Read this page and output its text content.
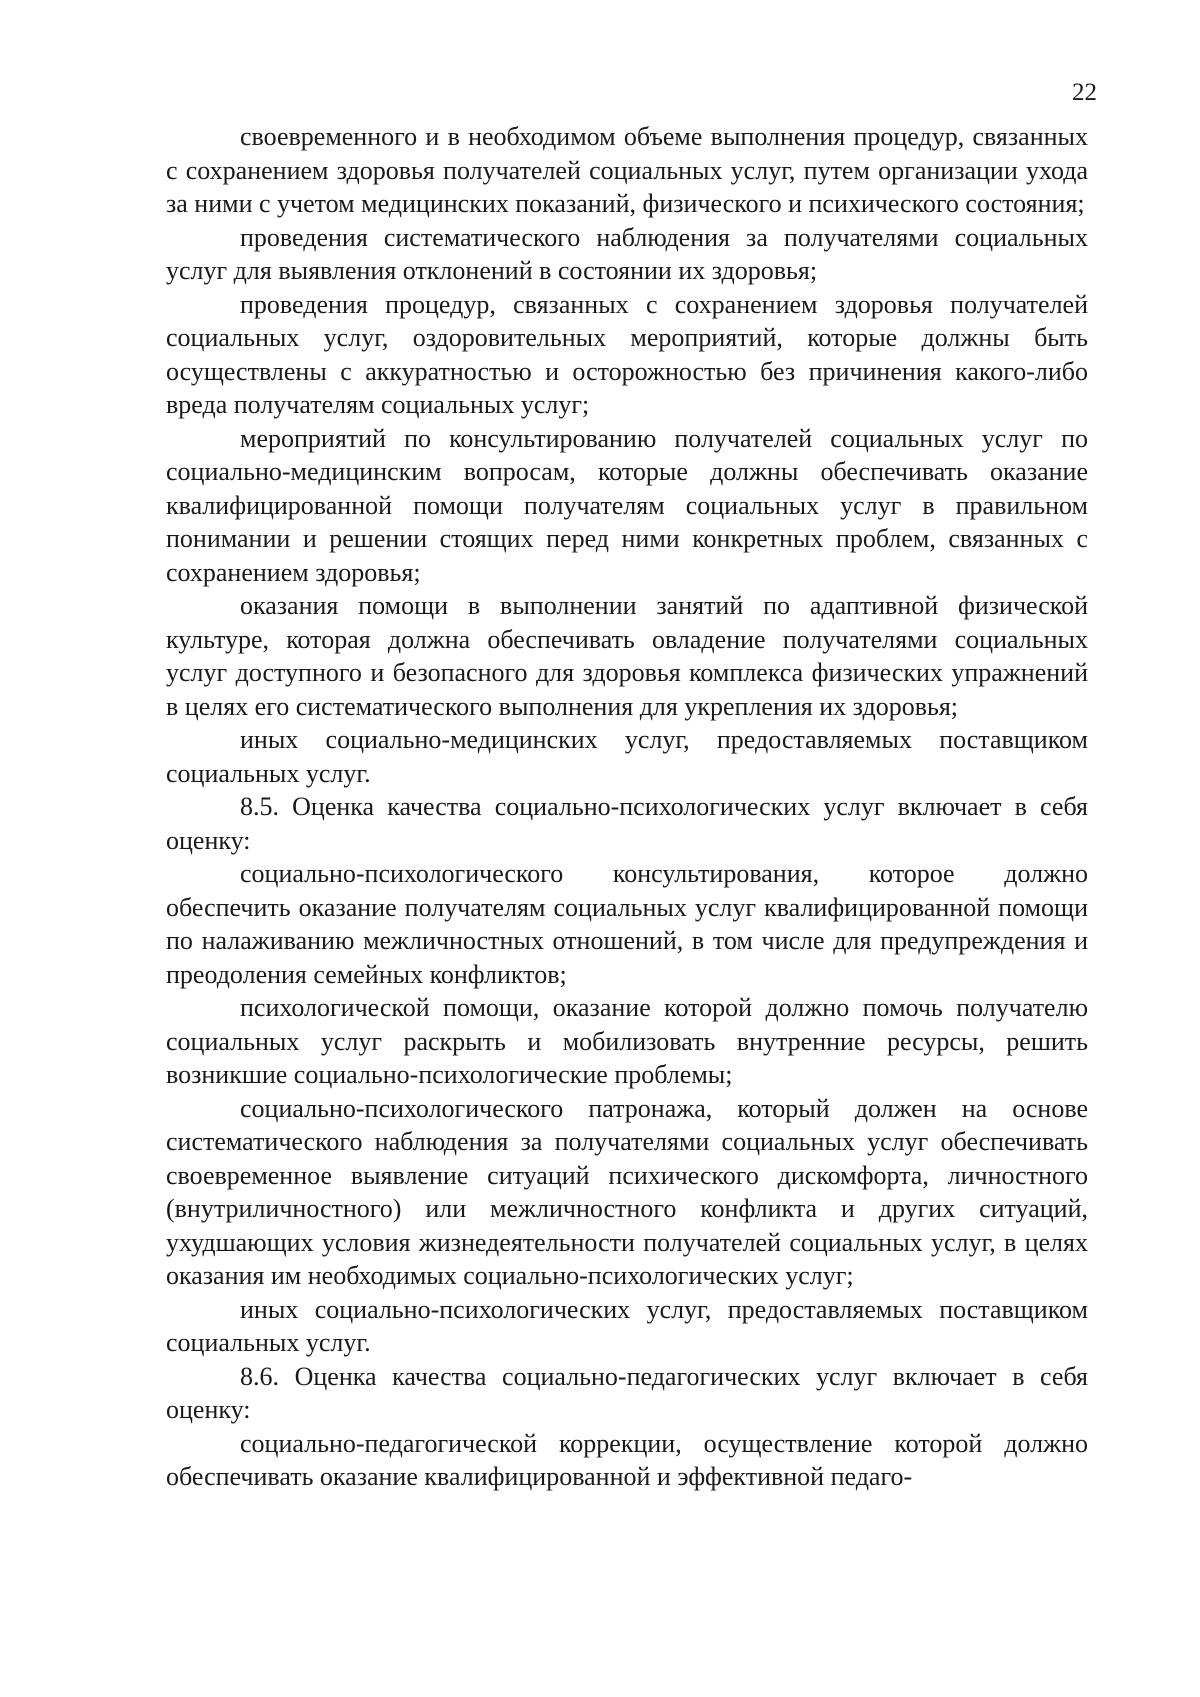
22

своевременного и в необходимом объеме выполнения процедур, связанных с сохранением здоровья получателей социальных услуг, путем организации ухода за ними с учетом медицинских показаний, физического и психического состояния;

проведения систематического наблюдения за получателями социальных услуг для выявления отклонений в состоянии их здоровья;

проведения процедур, связанных с сохранением здоровья получателей социальных услуг, оздоровительных мероприятий, которые должны быть осуществлены с аккуратностью и осторожностью без причинения какого-либо вреда получателям социальных услуг;

мероприятий по консультированию получателей социальных услуг по социально-медицинским вопросам, которые должны обеспечивать оказание квалифицированной помощи получателям социальных услуг в правильном понимании и решении стоящих перед ними конкретных проблем, связанных с сохранением здоровья;

оказания помощи в выполнении занятий по адаптивной физической культуре, которая должна обеспечивать овладение получателями социальных услуг доступного и безопасного для здоровья комплекса физических упражнений в целях его систематического выполнения для укрепления их здоровья;

иных социально-медицинских услуг, предоставляемых поставщиком социальных услуг.

8.5. Оценка качества социально-психологических услуг включает в себя оценку:

социально-психологического консультирования, которое должно обеспечить оказание получателям социальных услуг квалифицированной помощи по налаживанию межличностных отношений, в том числе для предупреждения и преодоления семейных конфликтов;

психологической помощи, оказание которой должно помочь получателю социальных услуг раскрыть и мобилизовать внутренние ресурсы, решить возникшие социально-психологические проблемы;

социально-психологического патронажа, который должен на основе систематического наблюдения за получателями социальных услуг обеспечивать своевременное выявление ситуаций психического дискомфорта, личностного (внутриличностного) или межличностного конфликта и других ситуаций, ухудшающих условия жизнедеятельности получателей социальных услуг, в целях оказания им необходимых социально-психологических услуг;

иных социально-психологических услуг, предоставляемых поставщиком социальных услуг.

8.6. Оценка качества социально-педагогических услуг включает в себя оценку:

социально-педагогической коррекции, осуществление которой должно обеспечивать оказание квалифицированной и эффективной педаго-
